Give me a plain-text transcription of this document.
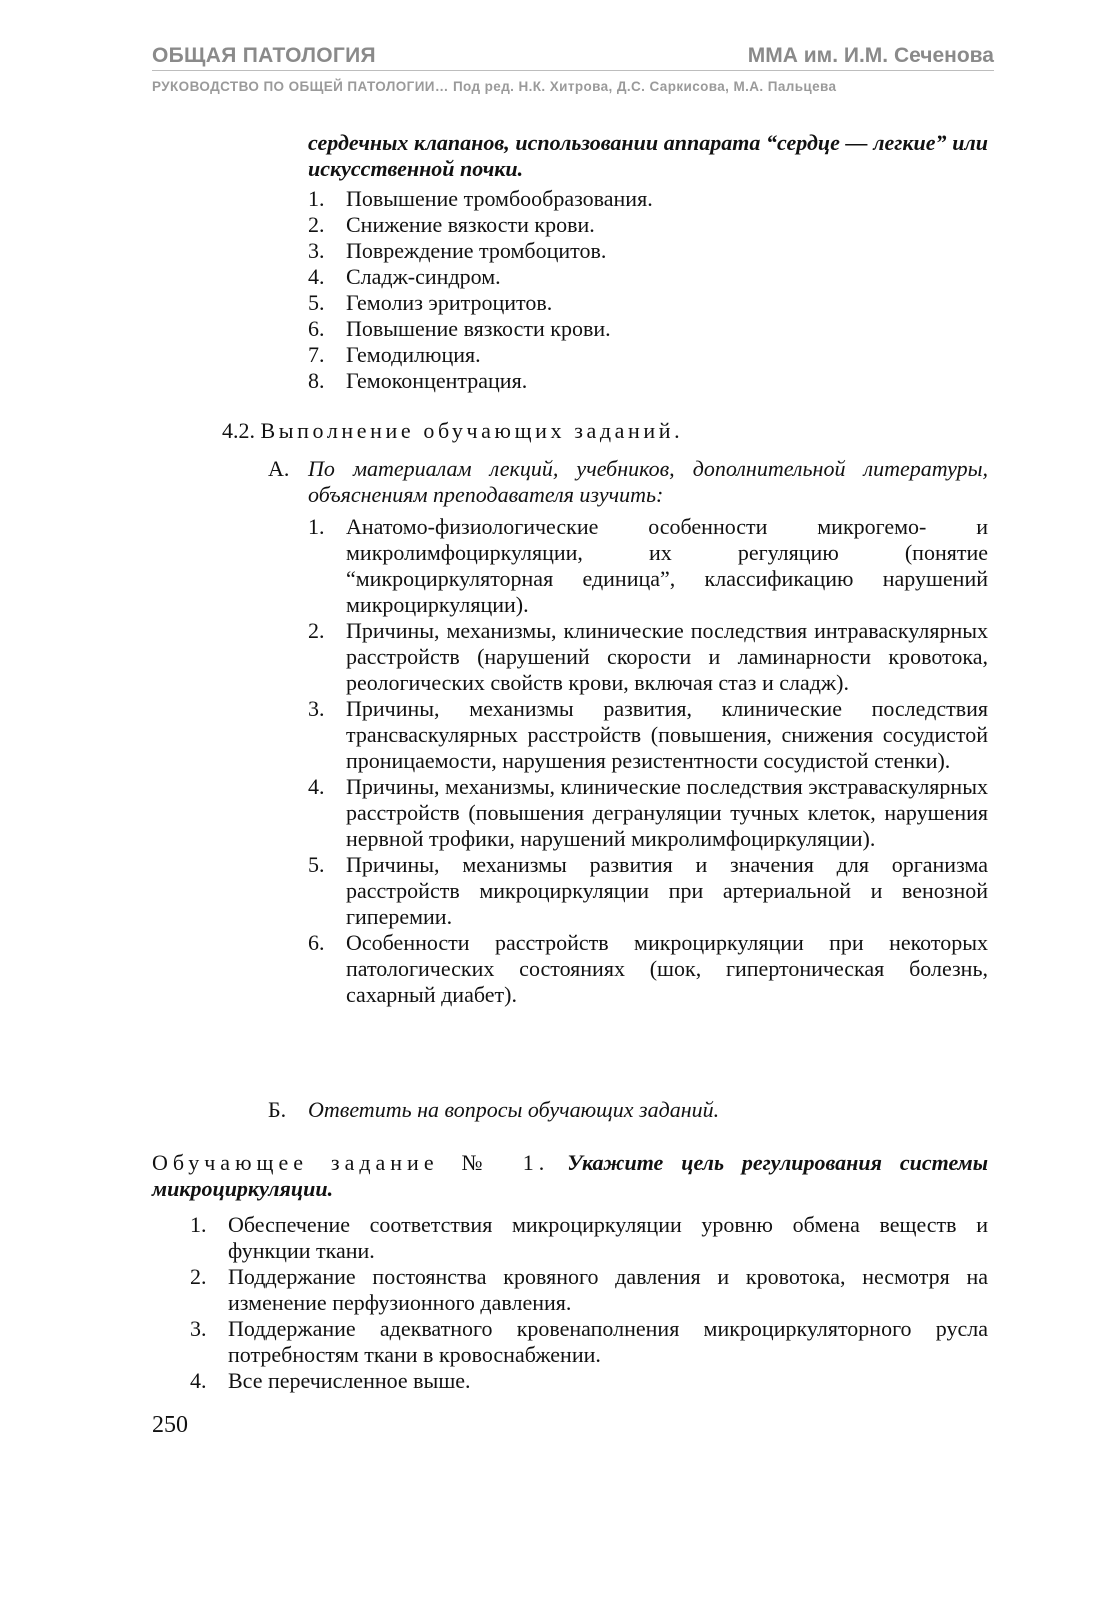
ОБЩАЯ ПАТОЛОГИЯ	ММА им. И.М. Сеченова
РУКОВОДСТВО ПО ОБЩЕЙ ПАТОЛОГИИ… Под ред. Н.К. Хитрова, Д.С. Саркисова, М.А. Пальцева
сердечных клапанов, использовании аппарата “сердце — легкие” или искусственной почки.
1. Повышение тромбообразования.
2. Снижение вязкости крови.
3. Повреждение тромбоцитов.
4. Сладж-синдром.
5. Гемолиз эритроцитов.
6. Повышение вязкости крови.
7. Гемодилюция.
8. Гемоконцентрация.
4.2. Выполнение обучающих заданий.
А. По материалам лекций, учебников, дополнительной литературы, объяснениям преподавателя изучить:
1. Анатомо-физиологические особенности микрогемо- и микролимфоциркуляции, их регуляцию (понятие “микроциркуляторная единица”, классификацию нарушений микроциркуляции).
2. Причины, механизмы, клинические последствия интраваскулярных расстройств (нарушений скорости и ламинарности кровотока, реологических свойств крови, включая стаз и сладж).
3. Причины, механизмы развития, клинические последствия трансваскулярных расстройств (повышения, снижения сосудистой проницаемости, нарушения резистентности сосудистой стенки).
4. Причины, механизмы, клинические последствия экстраваскулярных расстройств (повышения дегрануляции тучных клеток, нарушения нервной трофики, нарушений микролимфоциркуляции).
5. Причины, механизмы развития и значения для организма расстройств микроциркуляции при артериальной и венозной гиперемии.
6. Особенности расстройств микроциркуляции при некоторых патологических состояниях (шок, гипертоническая болезнь, сахарный диабет).
Б. Ответить на вопросы обучающих заданий.
Обучающее задание № 1. Укажите цель регулирования системы микроциркуляции.
1. Обеспечение соответствия микроциркуляции уровню обмена веществ и функции ткани.
2. Поддержание постоянства кровяного давления и кровотока, несмотря на изменение перфузионного давления.
3. Поддержание адекватного кровенаполнения микроциркуляторного русла потребностям ткани в кровоснабжении.
4. Все перечисленное выше.
250
